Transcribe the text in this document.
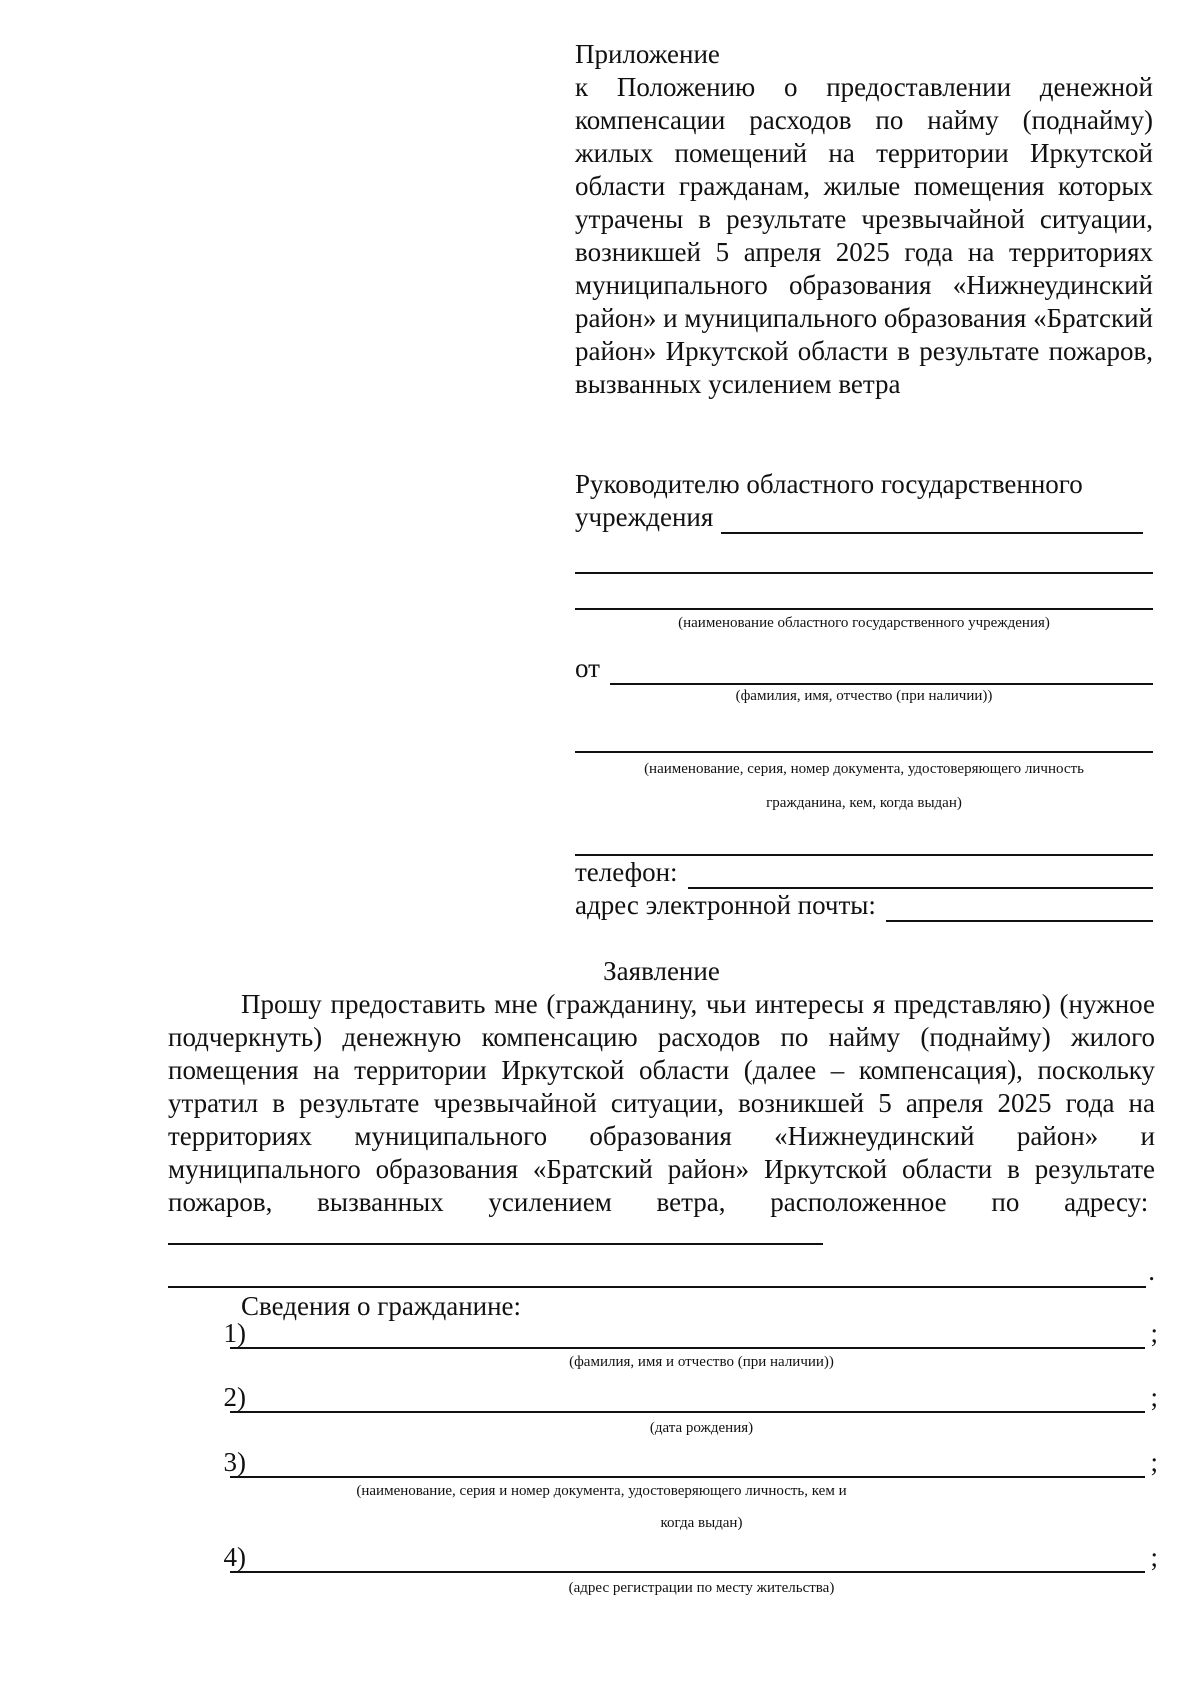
Приложение
к Положению о предоставлении денежной компенсации расходов по найму (поднайму) жилых помещений на территории Иркутской области гражданам, жилые помещения которых утрачены в результате чрезвычайной ситуации, возникшей 5 апреля 2025 года на территориях муниципального образования «Нижнеудинский район» и муниципального образования «Братский район» Иркутской области в результате пожаров, вызванных усилением ветра
Руководителю областного государственного
учреждения
(наименование областного государственного учреждения)
от
(фамилия, имя, отчество (при наличии))
(наименование, серия, номер документа, удостоверяющего личность
гражданина, кем, когда выдан)
телефон:
адрес электронной почты:
Заявление
Прошу предоставить мне (гражданину, чьи интересы я представляю) (нужное подчеркнуть) денежную компенсацию расходов по найму (поднайму) жилого помещения на территории Иркутской области (далее – компенсация), поскольку утратил в результате чрезвычайной ситуации, возникшей 5 апреля 2025 года на территориях муниципального образования «Нижнеудинский район» и муниципального образования «Братский район» Иркутской области в результате пожаров, вызванных усилением ветра, расположенное по адресу:
.
Сведения о гражданине:
1)	;
(фамилия, имя и отчество (при наличии))
2)	;
(дата рождения)
3)	;
(наименование, серия и номер документа, удостоверяющего личность, кем и
когда выдан)
4)	;
(адрес регистрации по месту жительства)
